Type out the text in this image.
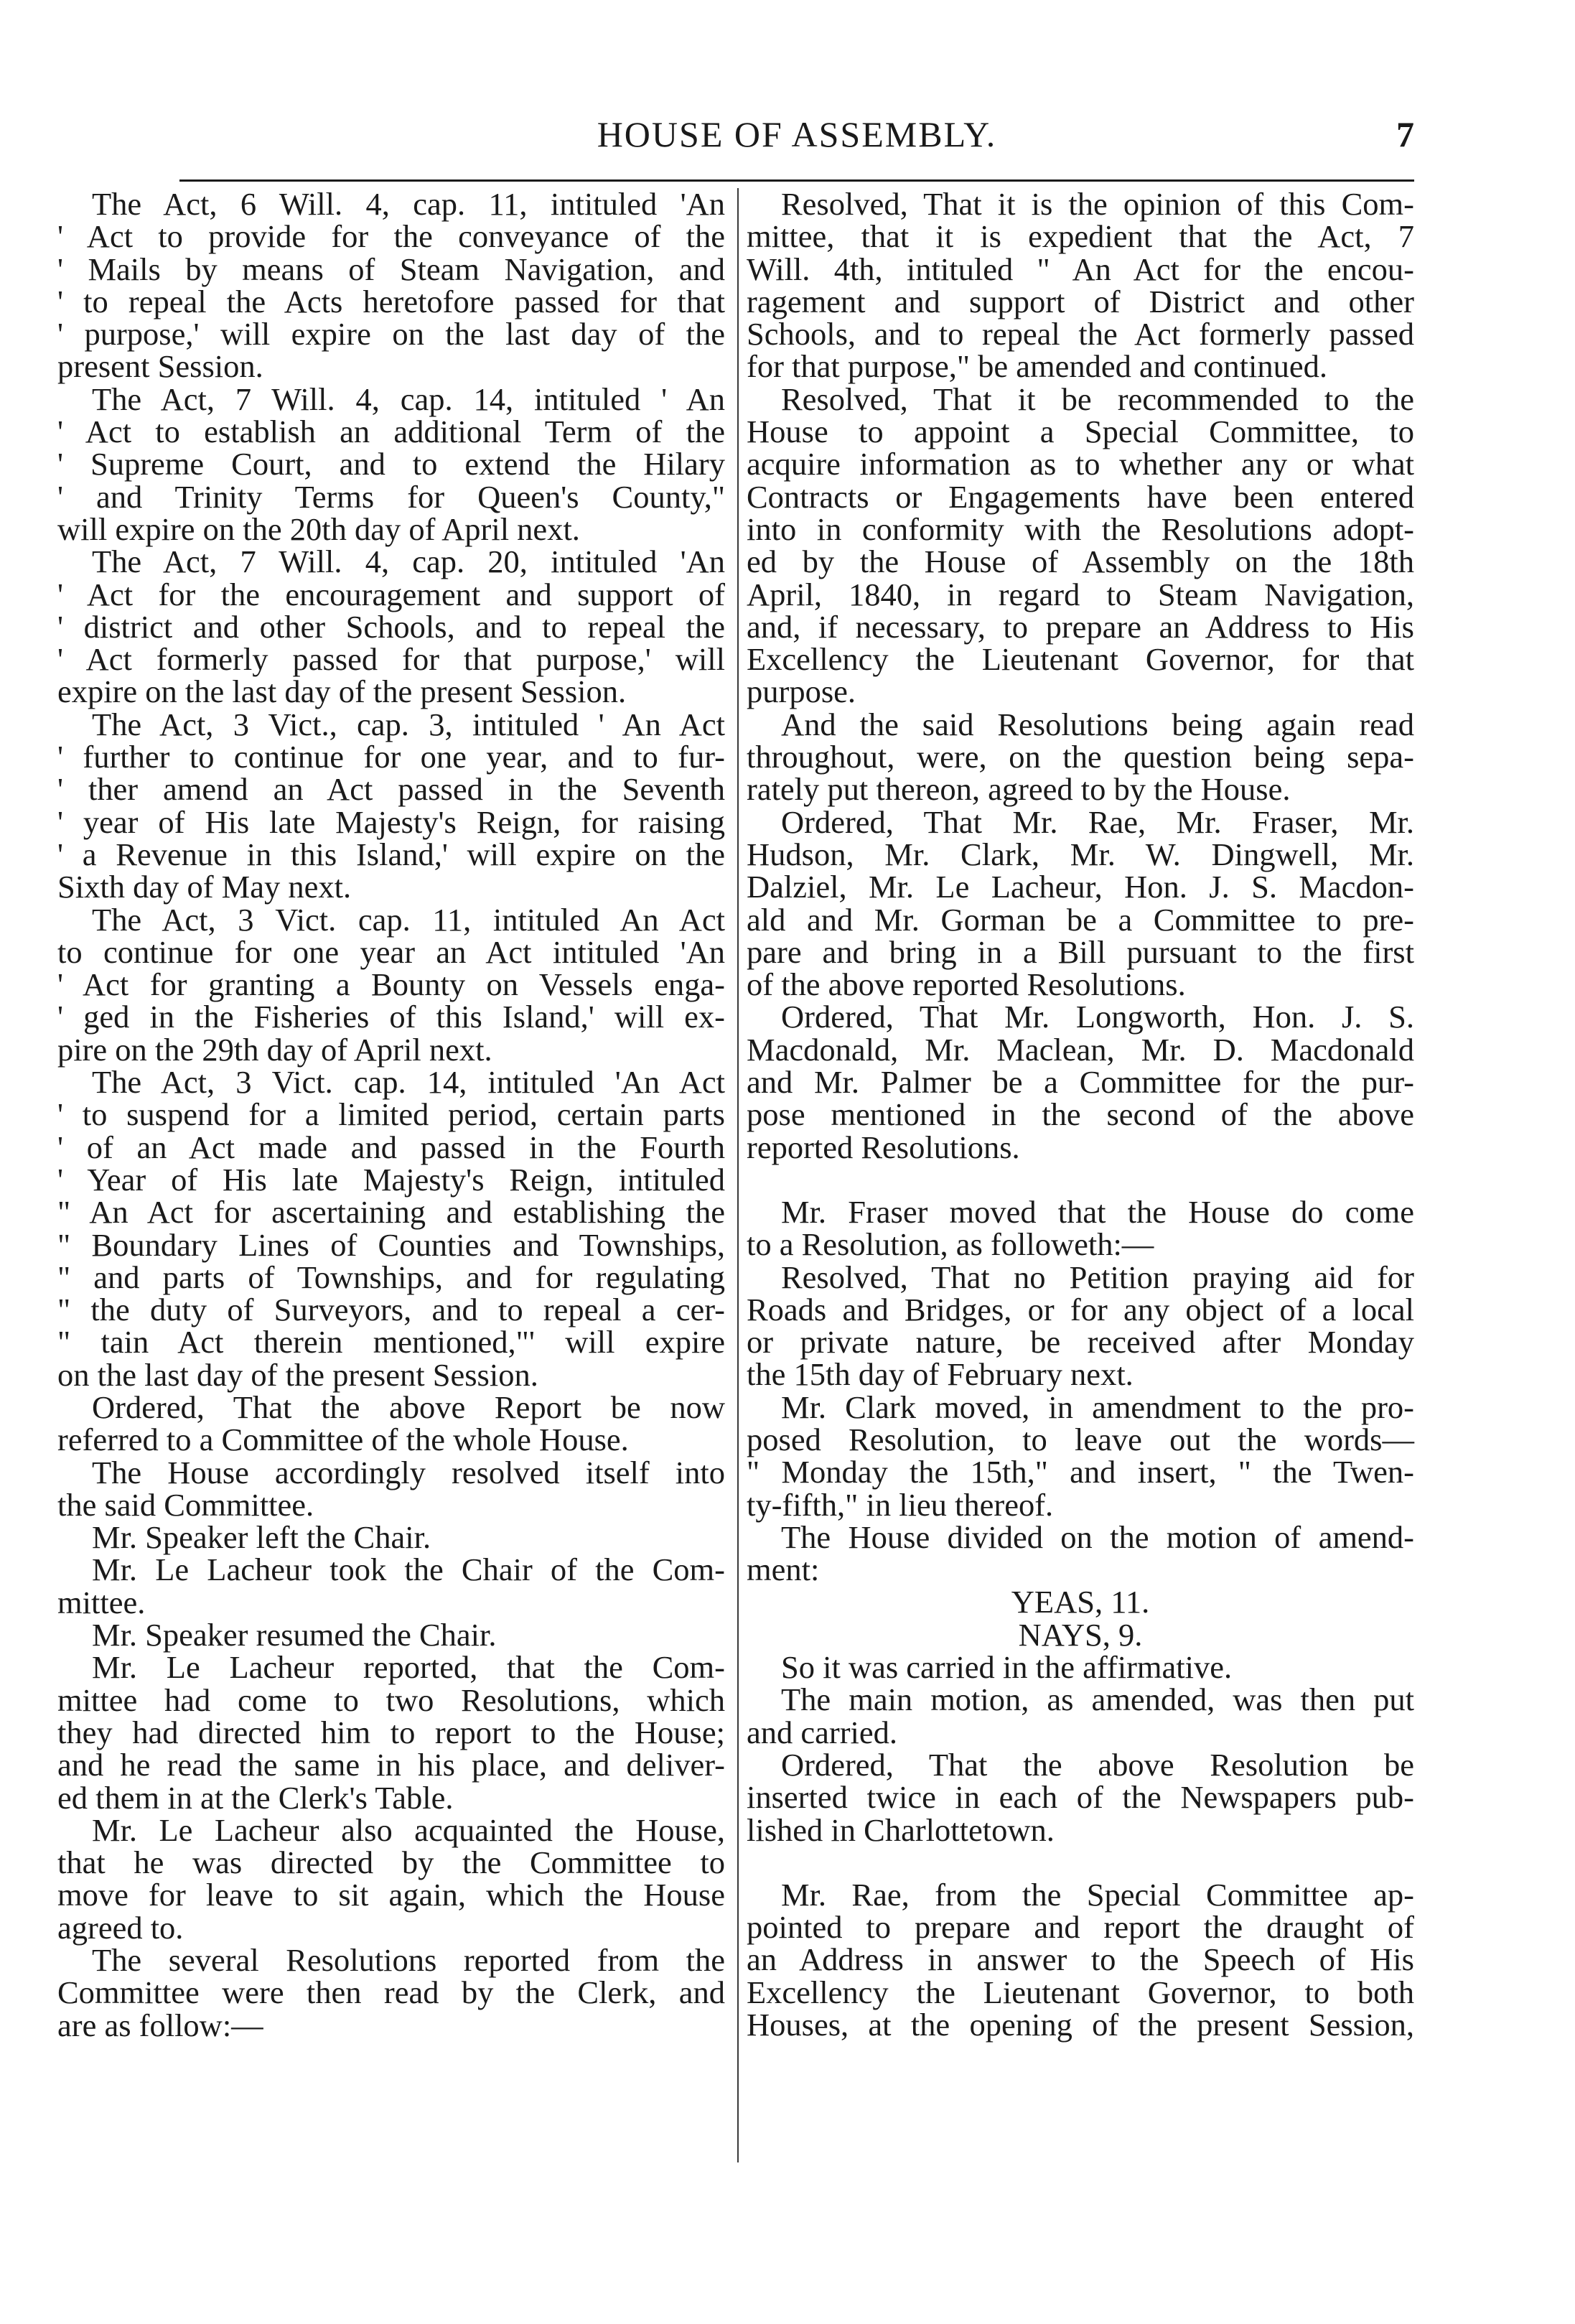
HOUSE OF ASSEMBLY.	7
The Act, 6 Will. 4, cap. 11, intituled 'An
' Act to provide for the conveyance of the
' Mails by means of Steam Navigation, and
' to repeal the Acts heretofore passed for that
' purpose,' will expire on the last day of the
present Session.
The Act, 7 Will. 4, cap. 14, intituled ' An
' Act to establish an additional Term of the
' Supreme Court, and to extend the Hilary
' and Trinity Terms for Queen's County,"
will expire on the 20th day of April next.
The Act, 7 Will. 4, cap. 20, intituled 'An
' Act for the encouragement and support of
' district and other Schools, and to repeal the
' Act formerly passed for that purpose,' will
expire on the last day of the present Session.
The Act, 3 Vict., cap. 3, intituled ' An Act
' further to continue for one year, and to fur-
' ther amend an Act passed in the Seventh
' year of His late Majesty's Reign, for raising
' a Revenue in this Island,' will expire on the
Sixth day of May next.
The Act, 3 Vict. cap. 11, intituled An Act
to continue for one year an Act intituled 'An
' Act for granting a Bounty on Vessels enga-
' ged in the Fisheries of this Island,' will ex-
pire on the 29th day of April next.
The Act, 3 Vict. cap. 14, intituled 'An Act
' to suspend for a limited period, certain parts
' of an Act made and passed in the Fourth
' Year of His late Majesty's Reign, intituled
" An Act for ascertaining and establishing the
" Boundary Lines of Counties and Townships,
" and parts of Townships, and for regulating
" the duty of Surveyors, and to repeal a cer-
" tain Act therein mentioned,"' will expire
on the last day of the present Session.
Ordered, That the above Report be now
referred to a Committee of the whole House.
The House accordingly resolved itself into
the said Committee.
Mr. Speaker left the Chair.
Mr. Le Lacheur took the Chair of the Com-
mittee.
Mr. Speaker resumed the Chair.
Mr. Le Lacheur reported, that the Com-
mittee had come to two Resolutions, which
they had directed him to report to the House;
and he read the same in his place, and deliver-
ed them in at the Clerk's Table.
Mr. Le Lacheur also acquainted the House,
that he was directed by the Committee to
move for leave to sit again, which the House
agreed to.
The several Resolutions reported from the
Committee were then read by the Clerk, and
are as follow:—
Resolved, That it is the opinion of this Com-
mittee, that it is expedient that the Act, 7
Will. 4th, intituled " An Act for the encou-
ragement and support of District and other
Schools, and to repeal the Act formerly passed
for that purpose," be amended and continued.
Resolved, That it be recommended to the
House to appoint a Special Committee, to
acquire information as to whether any or what
Contracts or Engagements have been entered
into in conformity with the Resolutions adopt-
ed by the House of Assembly on the 18th
April, 1840, in regard to Steam Navigation,
and, if necessary, to prepare an Address to His
Excellency the Lieutenant Governor, for that
purpose.
And the said Resolutions being again read
throughout, were, on the question being sepa-
rately put thereon, agreed to by the House.
Ordered, That Mr. Rae, Mr. Fraser, Mr.
Hudson, Mr. Clark, Mr. W. Dingwell, Mr.
Dalziel, Mr. Le Lacheur, Hon. J. S. Macdon-
ald and Mr. Gorman be a Committee to pre-
pare and bring in a Bill pursuant to the first
of the above reported Resolutions.
Ordered, That Mr. Longworth, Hon. J. S.
Macdonald, Mr. Maclean, Mr. D. Macdonald
and Mr. Palmer be a Committee for the pur-
pose mentioned in the second of the above
reported Resolutions.
Mr. Fraser moved that the House do come
to a Resolution, as followeth:—
Resolved, That no Petition praying aid for
Roads and Bridges, or for any object of a local
or private nature, be received after Monday
the 15th day of February next.
Mr. Clark moved, in amendment to the pro-
posed Resolution, to leave out the words—
" Monday the 15th," and insert, " the Twen-
ty-fifth," in lieu thereof.
The House divided on the motion of amend-
ment:
YEAS, 11.
NAYS, 9.
So it was carried in the affirmative.
The main motion, as amended, was then put
and carried.
Ordered, That the above Resolution be
inserted twice in each of the Newspapers pub-
lished in Charlottetown.
Mr. Rae, from the Special Committee ap-
pointed to prepare and report the draught of
an Address in answer to the Speech of His
Excellency the Lieutenant Governor, to both
Houses, at the opening of the present Session,
